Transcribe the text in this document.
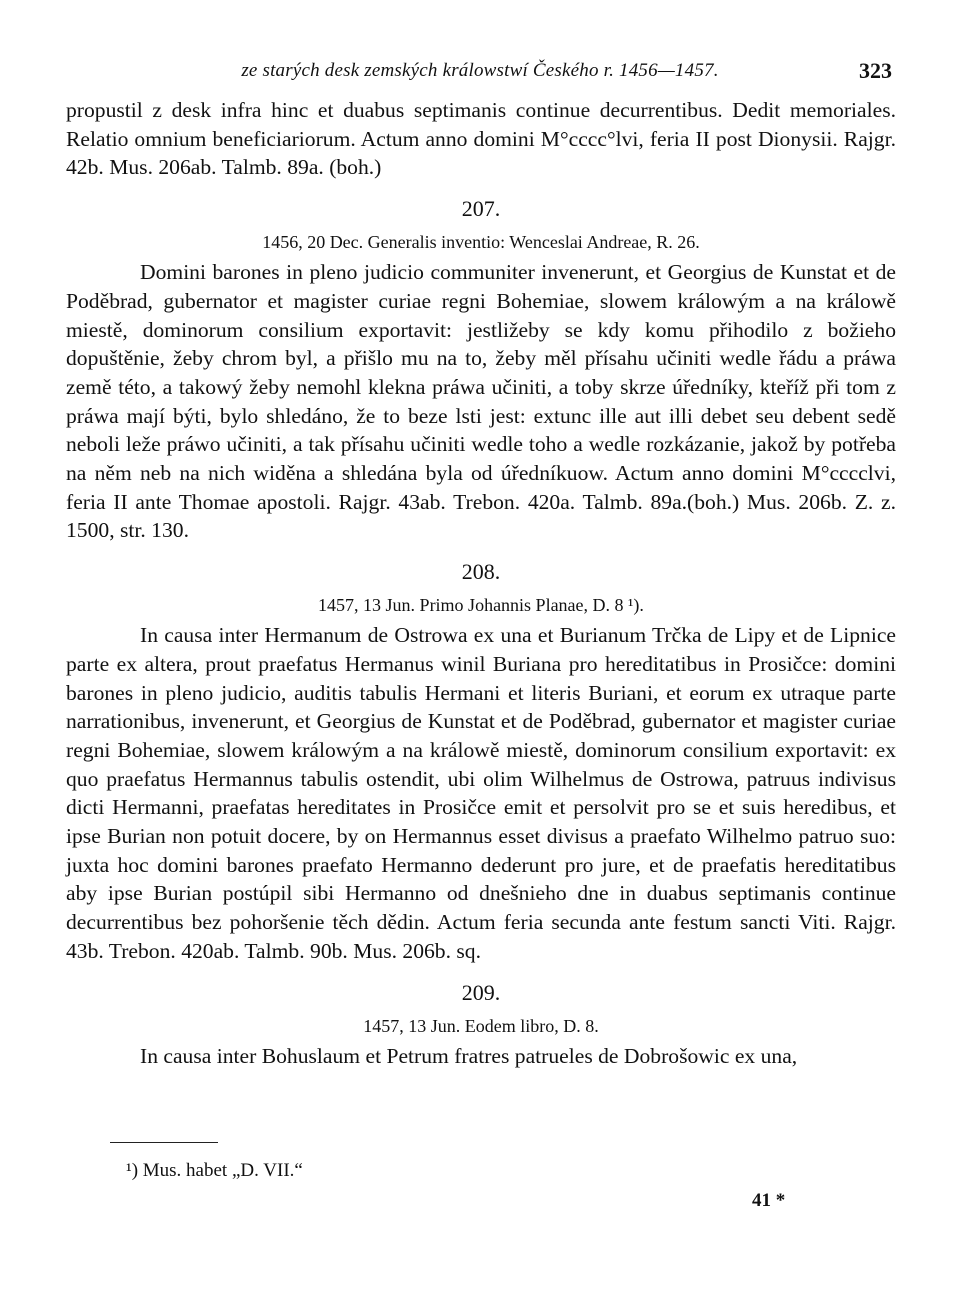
ze starých desk zemských králowstwí Českého r. 1456—1457.	323

propustil z desk infra hinc et duabus septimanis continue decurrentibus. Dedit memoriales. Relatio omnium beneficiariorum. Actum anno domini M°cccc°lvi, feria II post Dionysii. Rajgr. 42b. Mus. 206ab. Talmb. 89a. (boh.)

207.
1456, 20 Dec. Generalis inventio: Wenceslai Andreae, R. 26.

Domini barones in pleno judicio communiter invenerunt, et Georgius de Kunstat et de Poděbrad, gubernator et magister curiae regni Bohemiae, slowem králowým a na králowě miestě, dominorum consilium exportavit: jestližeby se kdy komu přihodilo z božieho dopuštěnie, žeby chrom byl, a přišlo mu na to, žeby měl přísahu učiniti wedle řádu a práwa země této, a takowý žeby nemohl klekna práwa učiniti, a toby skrze úředníky, kteříž při tom z práwa mají býti, bylo shledáno, že to beze lsti jest: extunc ille aut illi debet seu debent sedě neboli leže práwo učiniti, a tak přísahu učiniti wedle toho a wedle rozkázanie, jakož by potřeba na něm neb na nich widěna a shledána byla od úředníkuow. Actum anno domini M°cccclvi, feria II ante Thomae apostoli. Rajgr. 43ab. Trebon. 420a. Talmb. 89a.(boh.) Mus. 206b. Z. z. 1500, str. 130.

208.
1457, 13 Jun. Primo Johannis Planae, D. 8 ¹).

In causa inter Hermanum de Ostrowa ex una et Burianum Trčka de Lipy et de Lipnice parte ex altera, prout praefatus Hermanus winil Buriana pro hereditatibus in Prosičce: domini barones in pleno judicio, auditis tabulis Hermani et literis Buriani, et eorum ex utraque parte narrationibus, invenerunt, et Georgius de Kunstat et de Poděbrad, gubernator et magister curiae regni Bohemiae, slowem králowým a na králowě miestě, dominorum consilium exportavit: ex quo praefatus Hermannus tabulis ostendit, ubi olim Wilhelmus de Ostrowa, patruus indivisus dicti Hermanni, praefatas hereditates in Prosičce emit et persolvit pro se et suis heredibus, et ipse Burian non potuit docere, by on Hermannus esset divisus a praefato Wilhelmo patruo suo: juxta hoc domini barones praefato Hermanno dederunt pro jure, et de praefatis hereditatibus aby ipse Burian postúpil sibi Hermanno od dnešnieho dne in duabus septimanis continue decurrentibus bez pohoršenie těch dědin. Actum feria secunda ante festum sancti Viti. Rajgr. 43b. Trebon. 420ab. Talmb. 90b. Mus. 206b. sq.

209.
1457, 13 Jun. Eodem libro, D. 8.

In causa inter Bohuslaum et Petrum fratres patrueles de Dobrošowic ex una,

¹) Mus. habet „D. VII.“
41 *
